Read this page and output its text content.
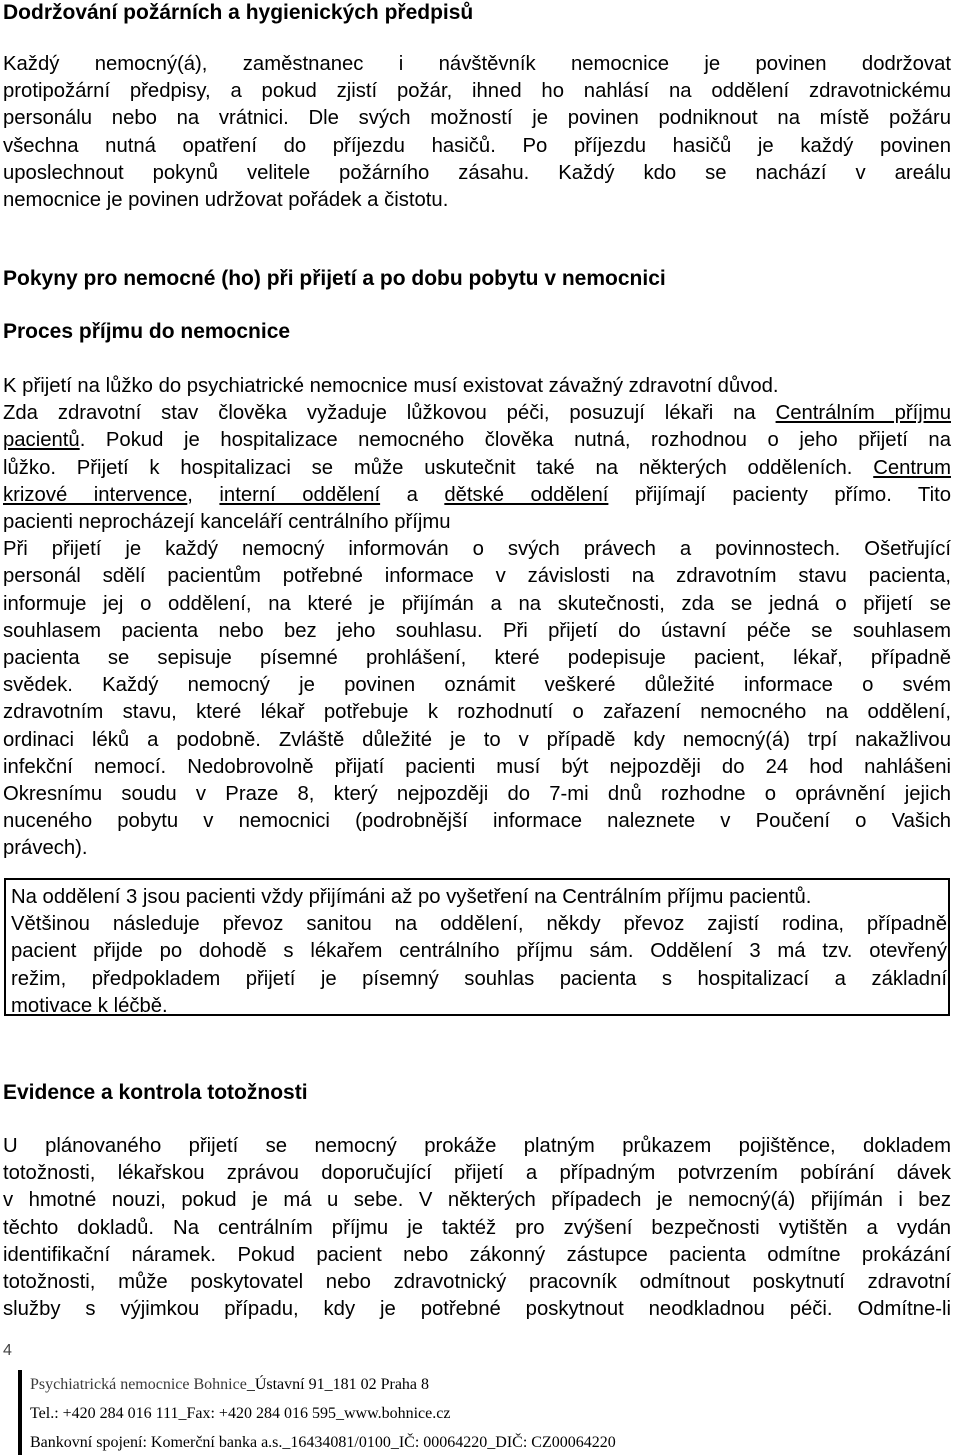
Dodržování požárních a hygienických předpisů
Každý nemocný(á), zaměstnanec i návštěvník nemocnice je povinen dodržovat
protipožární předpisy, a pokud zjistí požár, ihned ho nahlásí na oddělení zdravotnickému
personálu nebo na vrátnici. Dle svých možností je povinen podniknout na místě požáru
všechna nutná opatření do příjezdu hasičů. Po příjezdu hasičů je každý povinen
uposlechnout pokynů velitele požárního zásahu. Každý kdo se nachází v areálu
nemocnice je povinen udržovat pořádek a čistotu.
Pokyny pro nemocné (ho) při přijetí a po dobu pobytu v nemocnici
Proces příjmu do nemocnice
K přijetí na lůžko do psychiatrické nemocnice musí existovat závažný zdravotní důvod.
Zda zdravotní stav člověka vyžaduje lůžkovou péči, posuzují lékaři na Centrálním příjmu
pacientů. Pokud je hospitalizace nemocného člověka nutná, rozhodnou o jeho přijetí na
lůžko. Přijetí k hospitalizaci se může uskutečnit také na některých odděleních. Centrum
krizové intervence, interní oddělení a dětské oddělení přijímají pacienty přímo. Tito
pacienti neprocházejí kanceláří centrálního příjmu
Při přijetí je každý nemocný informován o svých právech a povinnostech. Ošetřující
personál sdělí pacientům potřebné informace v závislosti na zdravotním stavu pacienta,
informuje jej o oddělení, na které je přijímán a na skutečnosti, zda se jedná o přijetí se
souhlasem pacienta nebo bez jeho souhlasu. Při přijetí do ústavní péče se souhlasem
pacienta se sepisuje písemné prohlášení, které podepisuje pacient, lékař, případně
svědek. Každý nemocný je povinen oznámit veškeré důležité informace o svém
zdravotním stavu, které lékař potřebuje k rozhodnutí o zařazení nemocného na oddělení,
ordinaci léků a podobně. Zvláště důležité je to v případě kdy nemocný(á) trpí nakažlivou
infekční nemocí. Nedobrovolně přijatí pacienti musí být nejpozději do 24 hod nahlášeni
Okresnímu soudu v Praze 8, který nejpozději do 7-mi dnů rozhodne o oprávnění jejich
nuceného pobytu v nemocnici (podrobnější informace naleznete v Poučení o Vašich
právech).
Na oddělení 3 jsou pacienti vždy přijímáni až po vyšetření na Centrálním příjmu pacientů.
Většinou následuje převoz sanitou na oddělení, někdy převoz zajistí rodina, případně
pacient přijde po dohodě s lékařem centrálního příjmu sám. Oddělení 3 má tzv. otevřený
režim, předpokladem přijetí je písemný souhlas pacienta s hospitalizací a základní
motivace k léčbě.
Evidence a kontrola totožnosti
U plánovaného přijetí se nemocný prokáže platným průkazem pojištěnce, dokladem
totožnosti, lékařskou zprávou doporučující přijetí a případným potvrzením pobírání dávek
v hmotné nouzi, pokud je má u sebe. V některých případech je nemocný(á) přijímán i bez
těchto dokladů. Na centrálním příjmu je taktéž pro zvýšení bezpečnosti vytištěn a vydán
identifikační náramek. Pokud pacient nebo zákonný zástupce pacienta odmítne prokázání
totožnosti, může poskytovatel nebo zdravotnický pracovník odmítnout poskytnutí zdravotní
služby s výjimkou případu, kdy je potřebné poskytnout neodkladnou péči. Odmítne-li
4
Psychiatrická nemocnice Bohnice_Ústavní 91_181 02 Praha 8
Tel.: +420 284 016 111_Fax: +420 284 016 595_www.bohnice.cz
Bankovní spojení: Komerční banka a.s._16434081/0100_IČ: 00064220_DIČ: CZ00064220
